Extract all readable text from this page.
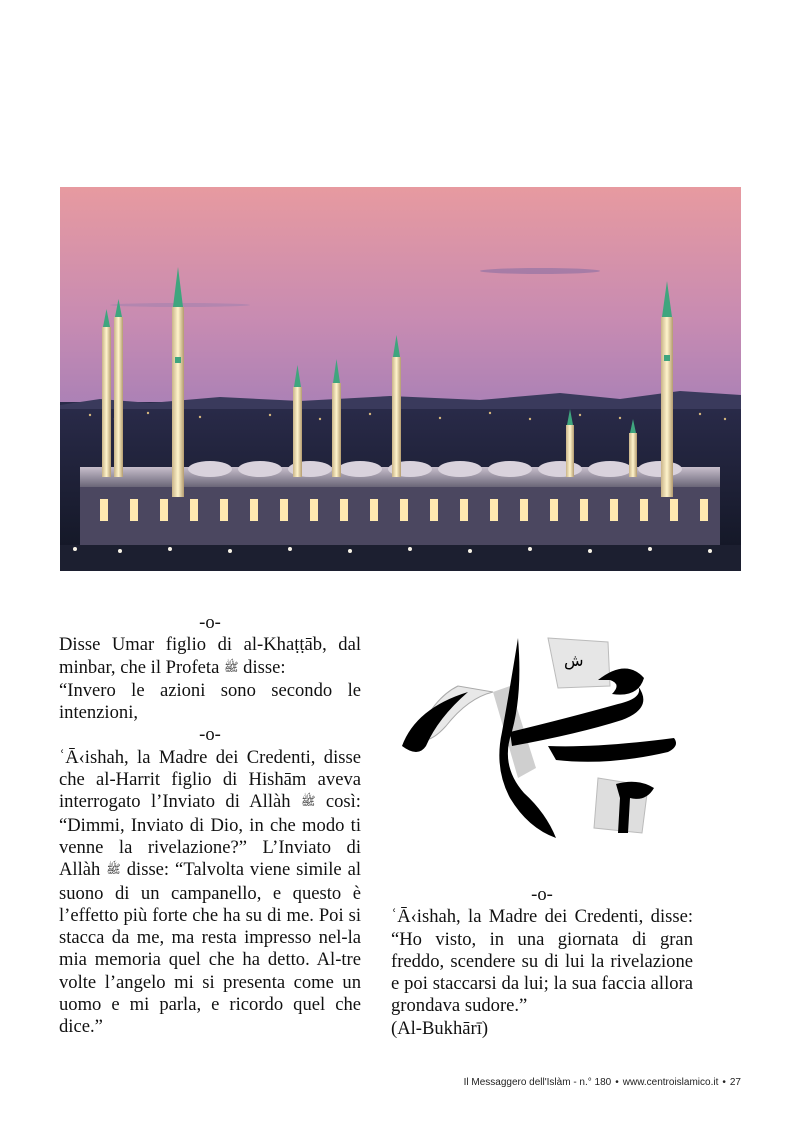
-o-
Disse Umar figlio di al-Khaṭṭāb, dal minbar, che il Profeta ﷺ disse:
“Invero le azioni sono secondo le intenzioni,
-o-
ʿĀ‹ishah, la Madre dei Credenti, disse che al-Harrit figlio di Hishām aveva interrogato l’Inviato di Allàh ﷺ così: “Dimmi, Inviato di Dio, in che modo ti venne la rivelazione?” L’Inviato di Allàh ﷺ disse: “Talvolta viene simile al suono di un campanello, e questo è l’effetto più forte che ha su di me. Poi si stacca da me, ma resta impresso nel-la mia memoria quel che ha detto. Al-tre volte l’angelo mi si presenta come un uomo e mi parla, e ricordo quel che dice.”
ش
-o-
ʿĀ‹ishah, la Madre dei Credenti, disse: “Ho visto, in una giornata di gran freddo, scendere su di lui la rivelazione e poi staccarsi da lui; la sua faccia allora grondava sudore.”
(Al-Bukhārī)
Il Messaggero dell'Islàm - n.° 180 • www.centroislamico.it • 27
